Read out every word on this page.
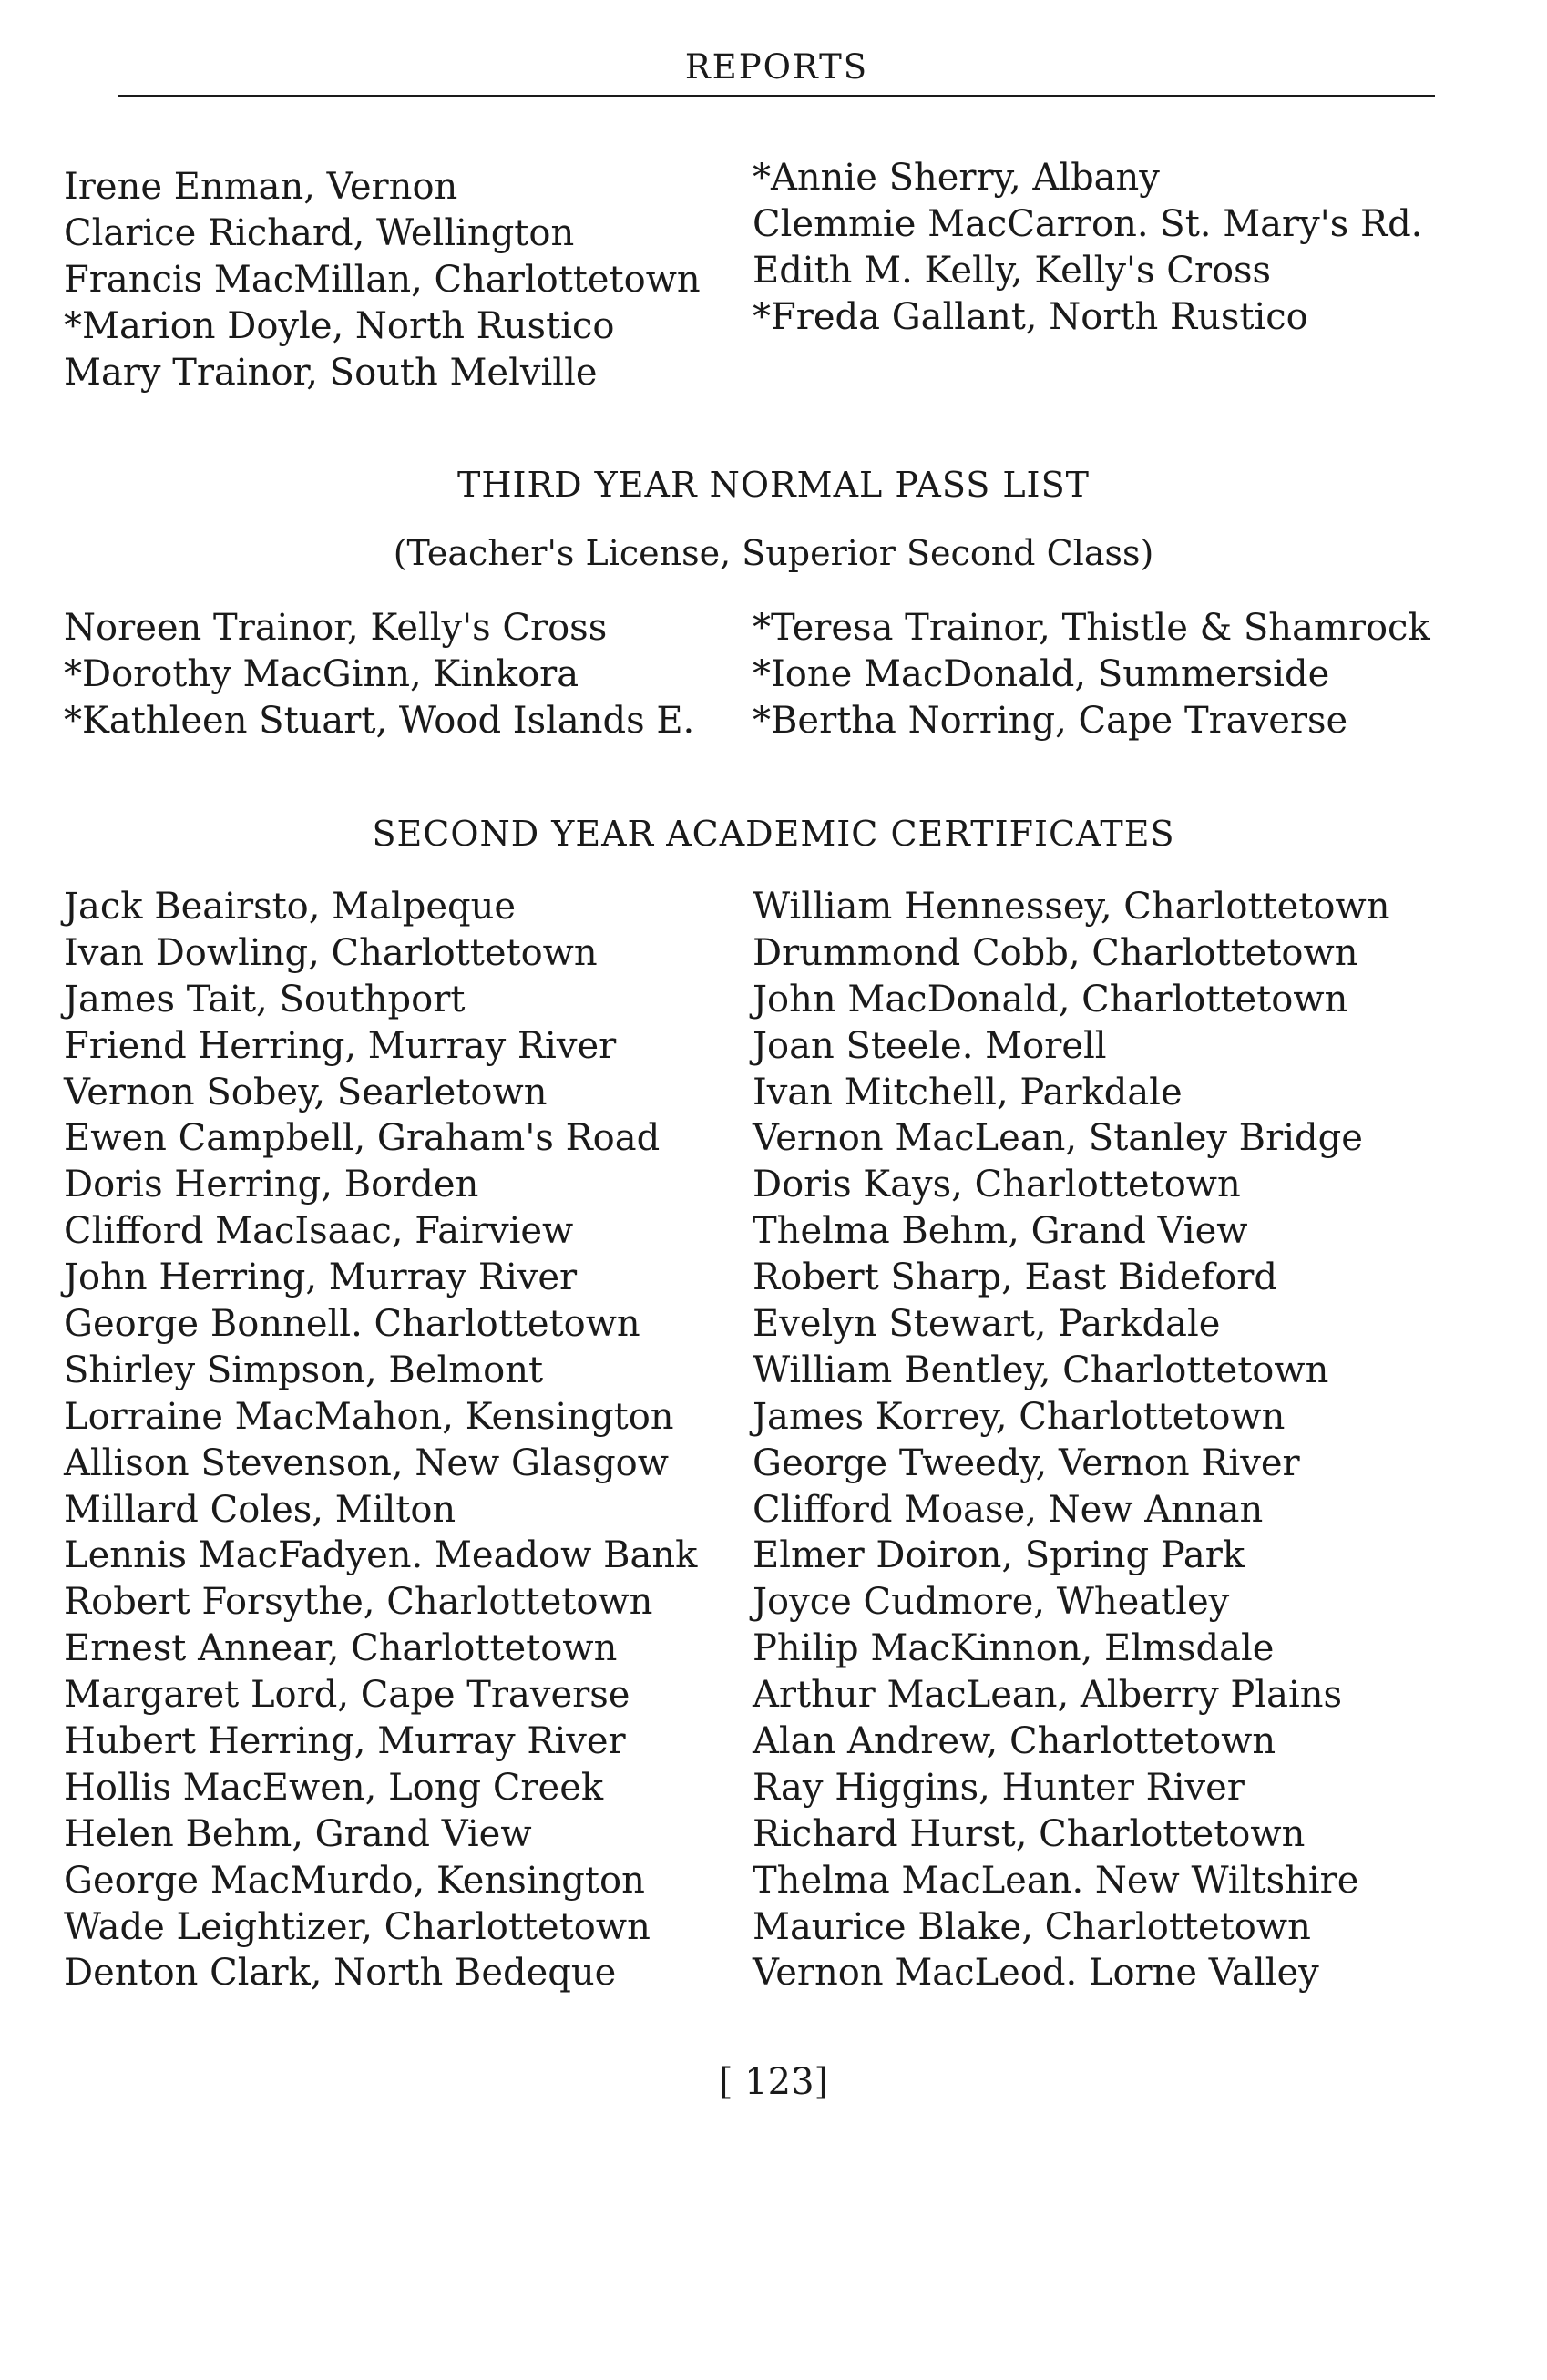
REPORTS
Irene Enman, Vernon
Clarice Richard, Wellington
Francis MacMillan, Charlottetown
*Marion Doyle, North Rustico
Mary Trainor, South Melville
*Annie Sherry, Albany
Clemmie MacCarron. St. Mary's Rd.
Edith M. Kelly, Kelly's Cross
*Freda Gallant, North Rustico
THIRD YEAR NORMAL PASS LIST
(Teacher's License, Superior Second Class)
Noreen Trainor, Kelly's Cross
*Dorothy MacGinn, Kinkora
*Kathleen Stuart, Wood Islands E.
*Teresa Trainor, Thistle & Shamrock
*Ione MacDonald, Summerside
*Bertha Norring, Cape Traverse
SECOND YEAR ACADEMIC CERTIFICATES
Jack Beairsto, Malpeque
Ivan Dowling, Charlottetown
James Tait, Southport
Friend Herring, Murray River
Vernon Sobey, Searletown
Ewen Campbell, Graham's Road
Doris Herring, Borden
Clifford MacIsaac, Fairview
John Herring, Murray River
George Bonnell. Charlottetown
Shirley Simpson, Belmont
Lorraine MacMahon, Kensington
Allison Stevenson, New Glasgow
Millard Coles, Milton
Lennis MacFadyen. Meadow Bank
Robert Forsythe, Charlottetown
Ernest Annear, Charlottetown
Margaret Lord, Cape Traverse
Hubert Herring, Murray River
Hollis MacEwen, Long Creek
Helen Behm, Grand View
George MacMurdo, Kensington
Wade Leightizer, Charlottetown
Denton Clark, North Bedeque
William Hennessey, Charlottetown
Drummond Cobb, Charlottetown
John MacDonald, Charlottetown
Joan Steele. Morell
Ivan Mitchell, Parkdale
Vernon MacLean, Stanley Bridge
Doris Kays, Charlottetown
Thelma Behm, Grand View
Robert Sharp, East Bideford
Evelyn Stewart, Parkdale
William Bentley, Charlottetown
James Korrey, Charlottetown
George Tweedy, Vernon River
Clifford Moase, New Annan
Elmer Doiron, Spring Park
Joyce Cudmore, Wheatley
Philip MacKinnon, Elmsdale
Arthur MacLean, Alberry Plains
Alan Andrew, Charlottetown
Ray Higgins, Hunter River
Richard Hurst, Charlottetown
Thelma MacLean. New Wiltshire
Maurice Blake, Charlottetown
Vernon MacLeod. Lorne Valley
[ 123]
